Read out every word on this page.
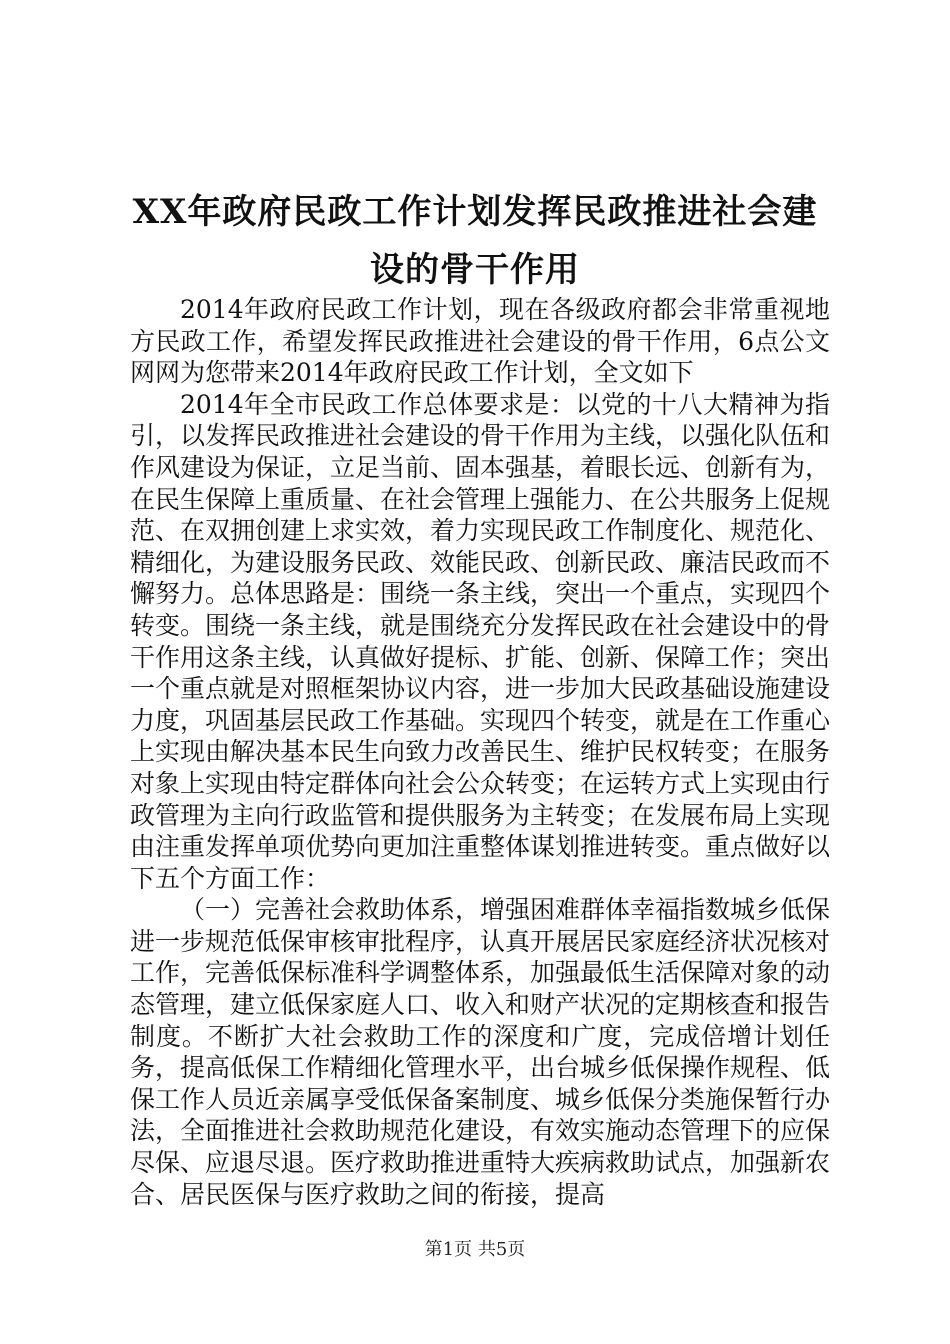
XX年政府民政工作计划发挥民政推进社会建设的骨干作用

2014年政府民政工作计划，现在各级政府都会非常重视地方民政工作，希望发挥民政推进社会建设的骨干作用，6点公文网网为您带来2014年政府民政工作计划，全文如下

2014年全市民政工作总体要求是：以党的十八大精神为指引，以发挥民政推进社会建设的骨干作用为主线，以强化队伍和作风建设为保证，立足当前、固本强基，着眼长远、创新有为，在民生保障上重质量、在社会管理上强能力、在公共服务上促规范、在双拥创建上求实效，着力实现民政工作制度化、规范化、精细化，为建设服务民政、效能民政、创新民政、廉洁民政而不懈努力。总体思路是：围绕一条主线，突出一个重点，实现四个转变。围绕一条主线，就是围绕充分发挥民政在社会建设中的骨干作用这条主线，认真做好提标、扩能、创新、保障工作；突出一个重点就是对照框架协议内容，进一步加大民政基础设施建设力度，巩固基层民政工作基础。实现四个转变，就是在工作重心上实现由解决基本民生向致力改善民生、维护民权转变；在服务对象上实现由特定群体向社会公众转变；在运转方式上实现由行政管理为主向行政监管和提供服务为主转变；在发展布局上实现由注重发挥单项优势向更加注重整体谋划推进转变。重点做好以下五个方面工作：

（一）完善社会救助体系，增强困难群体幸福指数城乡低保进一步规范低保审核审批程序，认真开展居民家庭经济状况核对工作，完善低保标准科学调整体系，加强最低生活保障对象的动态管理，建立低保家庭人口、收入和财产状况的定期核查和报告制度。不断扩大社会救助工作的深度和广度，完成倍增计划任务，提高低保工作精细化管理水平，出台城乡低保操作规程、低保工作人员近亲属享受低保备案制度、城乡低保分类施保暂行办法，全面推进社会救助规范化建设，有效实施动态管理下的应保尽保、应退尽退。医疗救助推进重特大疾病救助试点，加强新农合、居民医保与医疗救助之间的衔接，提高

第1页 共5页
